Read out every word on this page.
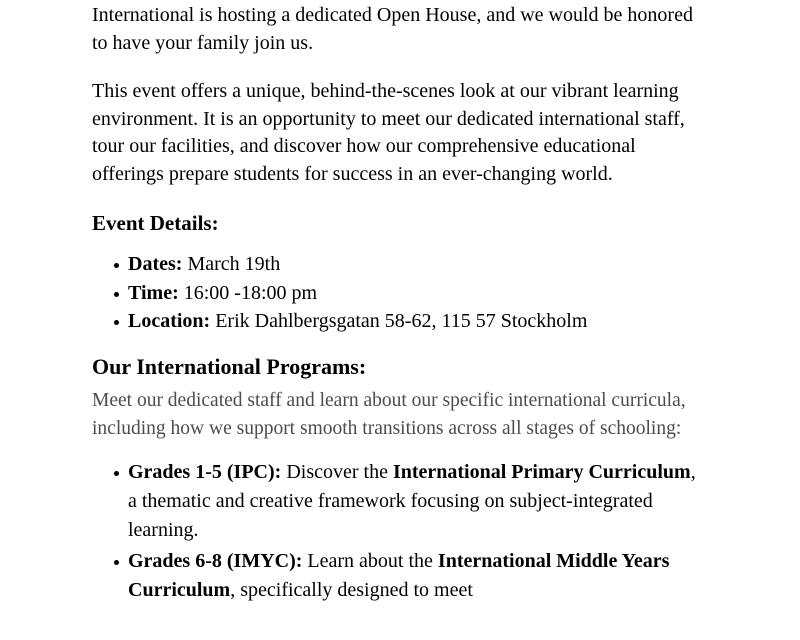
International is hosting a dedicated Open House, and we would be honored to have your family join us.

This event offers a unique, behind-the-scenes look at our vibrant learning environment. It is an opportunity to meet our dedicated international staff, tour our facilities, and discover how our comprehensive educational offerings prepare students for success in an ever-changing world.

Event Details:
Dates: March 19th
Time: 16:00 -18:00 pm
Location: Erik Dahlbergsgatan 58-62, 115 57 Stockholm
Our International Programs:

Meet our dedicated staff and learn about our specific international curricula, including how we support smooth transitions across all stages of schooling:

Grades 1-5 (IPC): Discover the International Primary Curriculum, a thematic and creative framework focusing on subject-integrated learning.
Grades 6-8 (IMYC): Learn about the International Middle Years Curriculum, specifically designed to meet
